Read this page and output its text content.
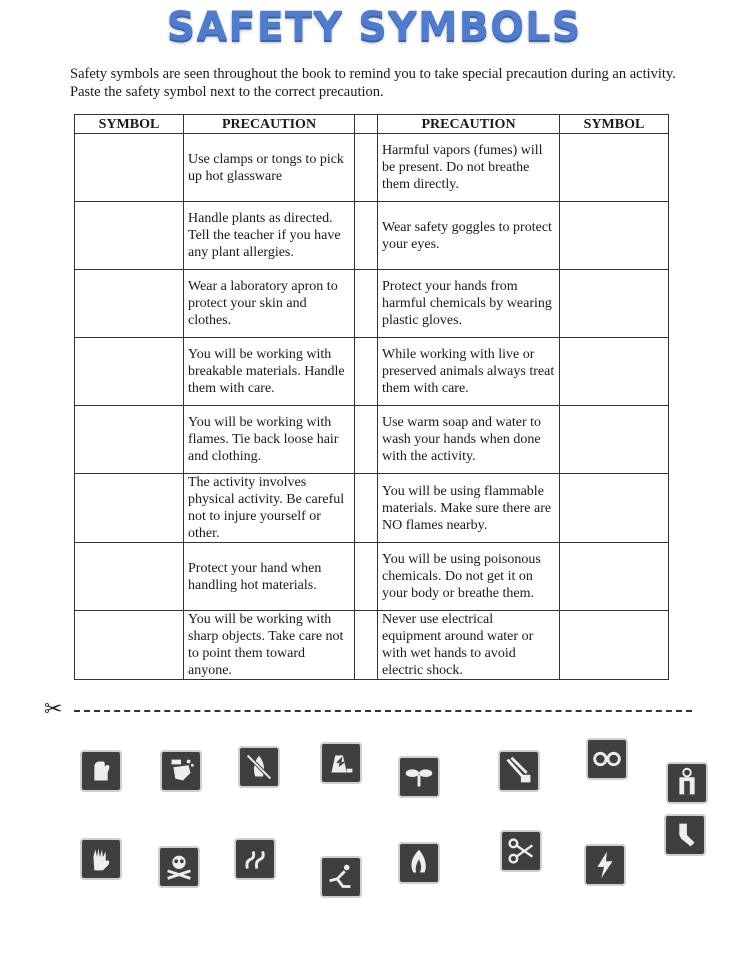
SAFETY SYMBOLS
Safety symbols are seen throughout the book to remind you to take special precaution during an activity. Paste the safety symbol next to the correct precaution.
SYMBOL	PRECAUTION		PRECAUTION	SYMBOL
	Use clamps or tongs to pick up hot glassware		Harmful vapors (fumes) will be present. Do not breathe them directly.	
	Handle plants as directed. Tell the teacher if you have any plant allergies.		Wear safety goggles to protect your eyes.	
	Wear a laboratory apron to protect your skin and clothes.		Protect your hands from harmful chemicals by wearing plastic gloves.	
	You will be working with breakable materials. Handle them with care.		While working with live or preserved animals always treat them with care.	
	You will be working with flames. Tie back loose hair and clothing.		Use warm soap and water to wash your hands when done with the activity.	
	The activity involves physical activity. Be careful not to injure yourself or other.		You will be using flammable materials. Make sure there are NO flames nearby.	
	Protect your hand when handling hot materials.		You will be using poisonous chemicals. Do not get it on your body or breathe them.	
	You will be working with sharp objects. Take care not to point them toward anyone.		Never use electrical equipment around water or with wet hands to avoid electric shock.	
✂
